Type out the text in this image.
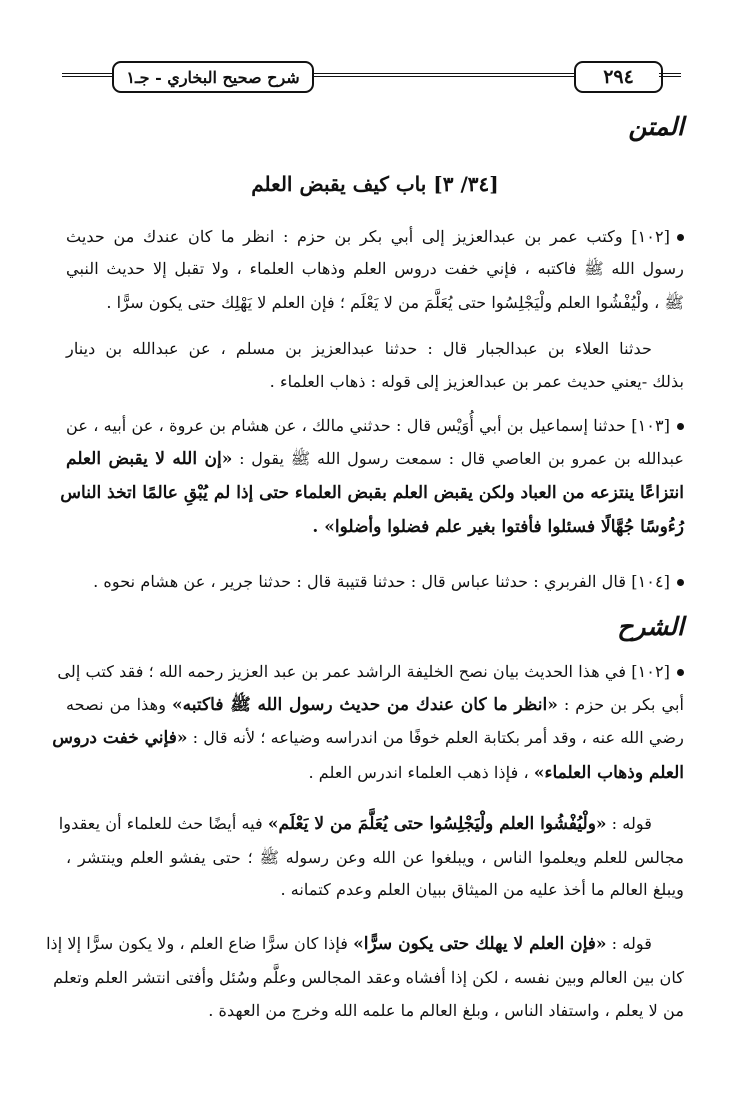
شرح صحيح البخاري - جـ١	٢٩٤
المتن
[٣٤/ ٣] باب كيف يقبض العلم
[١٠٢] وكتب عمر بن عبدالعزيز إلى أبي بكر بن حزم : انظر ما كان عندك من حديث
رسول الله ﷺ فاكتبه ، فإني خفت دروس العلم وذهاب العلماء ، ولا تقبل إلا حديث النبي
ﷺ ، ولْيُفْشُوا العلم ولْيَجْلِسُوا حتى يُعَلَّمَ من لا يَعْلَم ؛ فإن العلم لا يَهْلِك حتى يكون سرًّا .
حدثنا العلاء بن عبدالجبار قال : حدثنا عبدالعزيز بن مسلم ، عن عبدالله بن دينار
بذلك -يعني حديث عمر بن عبدالعزيز إلى قوله : ذهاب العلماء .
[١٠٣] حدثنا إسماعيل بن أبي أُوَيْس قال : حدثني مالك ، عن هشام بن عروة ، عن أبيه ، عن
عبدالله بن عمرو بن العاصي قال : سمعت رسول الله ﷺ يقول : «إن الله لا يقبض العلم
انتزاعًا ينتزعه من العباد ولكن يقبض العلم بقبض العلماء حتى إذا لم يُبْقِ عالمًا اتخذ الناس
رُءُوسًا جُهَّالًا فسئلوا فأفتوا بغير علم فضلوا وأضلوا» .
[١٠٤] قال الفربري : حدثنا عباس قال : حدثنا قتيبة قال : حدثنا جرير ، عن هشام نحوه .
الشرح
[١٠٢] في هذا الحديث بيان نصح الخليفة الراشد عمر بن عبد العزيز رحمه الله ؛ فقد كتب إلى
أبي بكر بن حزم : «انظر ما كان عندك من حديث رسول الله ﷺ فاكتبه» وهذا من نصحه
رضي الله عنه ، وقد أمر بكتابة العلم خوفًا من اندراسه وضياعه ؛ لأنه قال : «فإني خفت دروس
العلم وذهاب العلماء» ، فإذا ذهب العلماء اندرس العلم .
قوله : «ولْيُفْشُوا العلم ولْيَجْلِسُوا حتى يُعَلَّمَ من لا يَعْلَم» فيه أيضًا حث للعلماء أن يعقدوا
مجالس للعلم ويعلموا الناس ، ويبلغوا عن الله وعن رسوله ﷺ ؛ حتى يفشو العلم وينتشر ،
ويبلغ العالم ما أخذ عليه من الميثاق ببيان العلم وعدم كتمانه .
قوله : «فإن العلم لا يهلك حتى يكون سرًّا» فإذا كان سرًّا ضاع العلم ، ولا يكون سرًّا إلا إذا
كان بين العالم وبين نفسه ، لكن إذا أفشاه وعقد المجالس وعلَّم وسُئل وأفتى انتشر العلم وتعلم
من لا يعلم ، واستفاد الناس ، وبلغ العالم ما علمه الله وخرج من العهدة .
